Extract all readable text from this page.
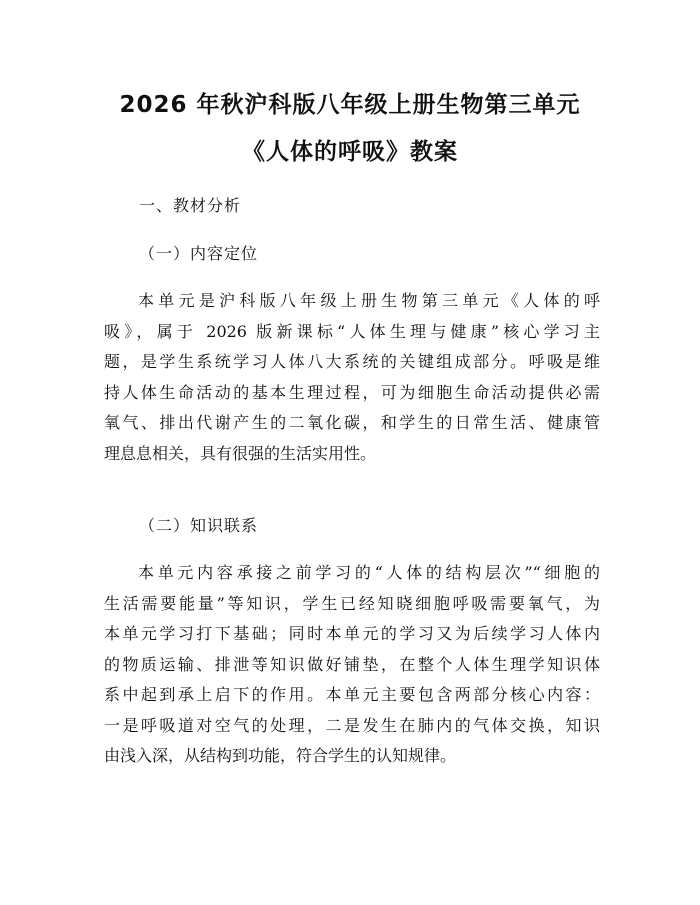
2026 年秋沪科版八年级上册生物第三单元
《人体的呼吸》教案
一、教材分析
（一）内容定位
本单元是沪科版八年级上册生物第三单元《人体的呼
吸》，属于 2026 版新课标“人体生理与健康”核心学习主
题，是学生系统学习人体八大系统的关键组成部分。呼吸是维
持人体生命活动的基本生理过程，可为细胞生命活动提供必需
氧气、排出代谢产生的二氧化碳，和学生的日常生活、健康管
理息息相关，具有很强的生活实用性。
（二）知识联系
本单元内容承接之前学习的“人体的结构层次”“细胞的
生活需要能量”等知识，学生已经知晓细胞呼吸需要氧气，为
本单元学习打下基础；同时本单元的学习又为后续学习人体内
的物质运输、排泄等知识做好铺垫，在整个人体生理学知识体
系中起到承上启下的作用。本单元主要包含两部分核心内容：
一是呼吸道对空气的处理，二是发生在肺内的气体交换，知识
由浅入深，从结构到功能，符合学生的认知规律。
